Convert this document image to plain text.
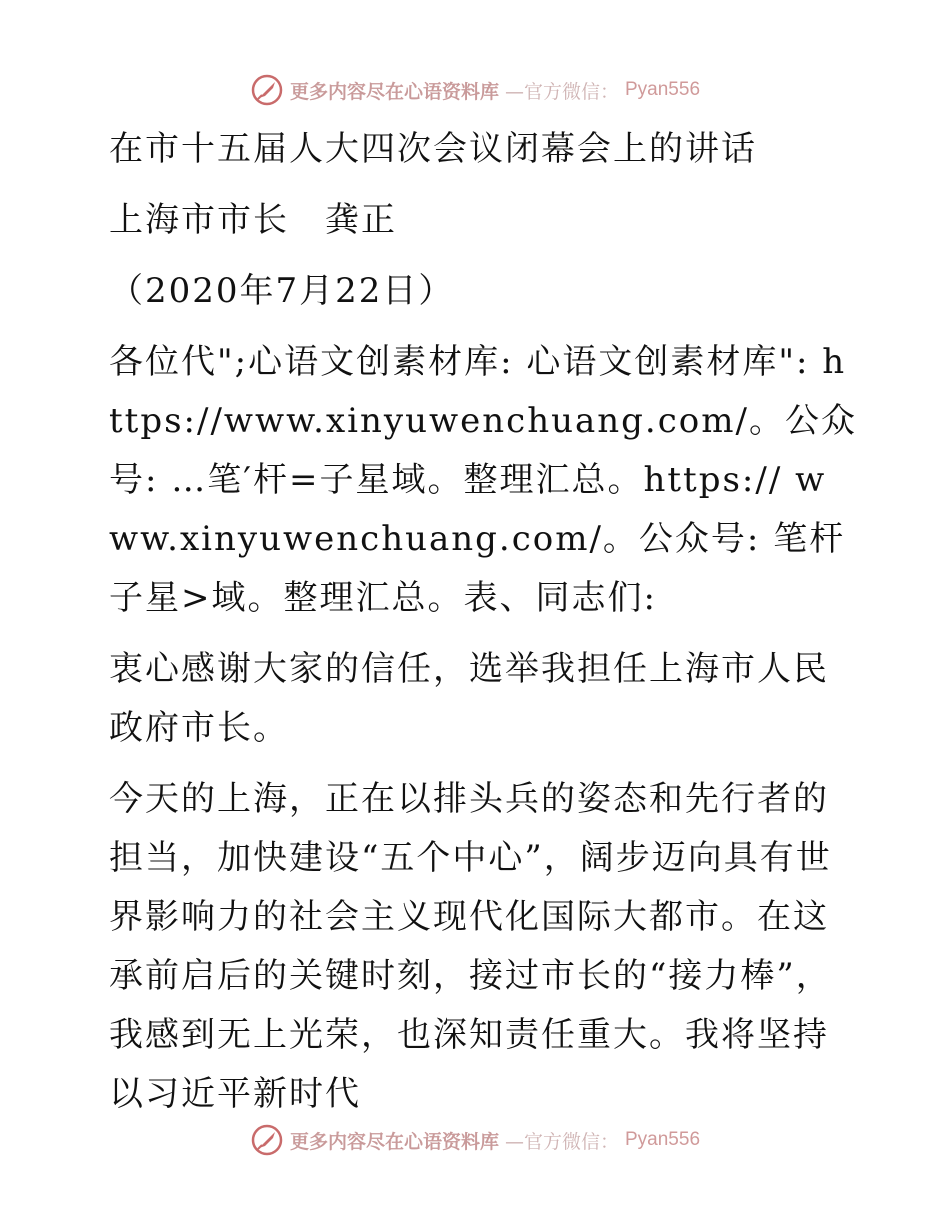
更多内容尽在心语资料库 —官方微信： Pyan556

在市十五届人大四次会议闭幕会上的讲话

上海市市长　龚正

（2020年7月22日）

各位代";心语文创素材库: 心语文创素材库": https://www.xinyuwenchuang.com/。公众号: …笔′杆=子星域。整理汇总。https:// www.xinyuwenchuang.com/。公众号: 笔杆子星>域。整理汇总。表、同志们:

衷心感谢大家的信任，选举我担任上海市人民政府市长。

今天的上海，正在以排头兵的姿态和先行者的担当，加快建设“五个中心”，阔步迈向具有世界影响力的社会主义现代化国际大都市。在这承前启后的关键时刻，接过市长的“接力棒”，我感到无上光荣，也深知责任重大。我将坚持以习近平新时代

更多内容尽在心语资料库 —官方微信： Pyan556
